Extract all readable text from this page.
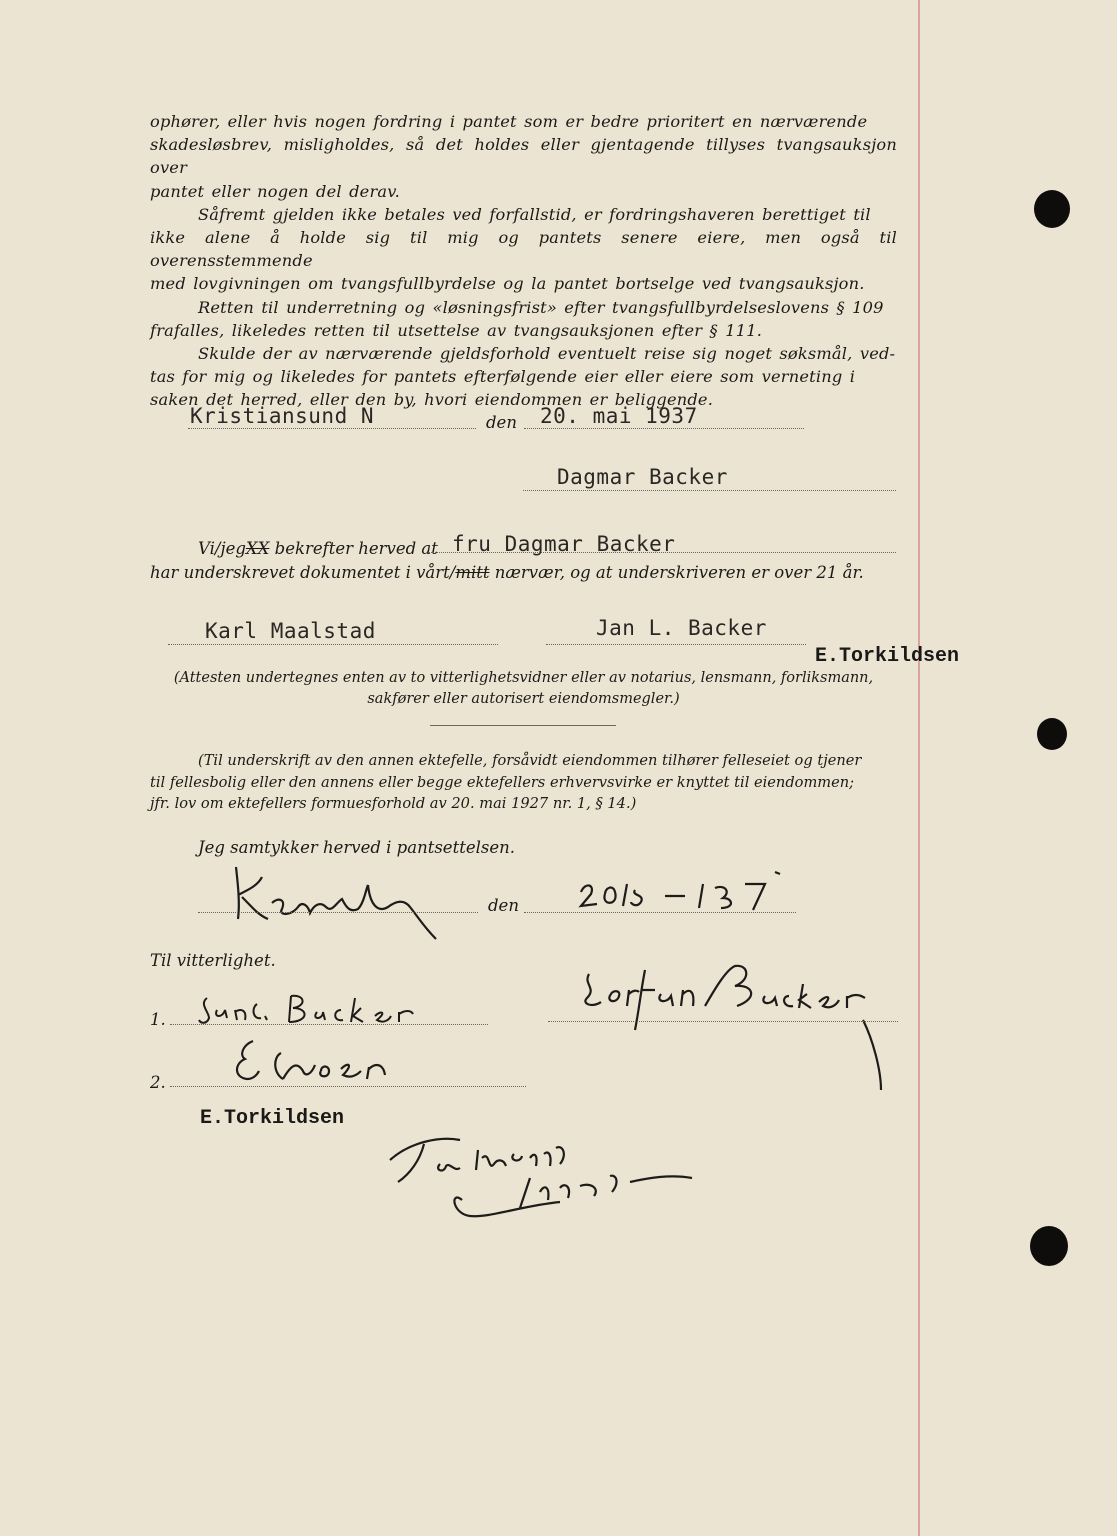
ophører, eller hvis nogen fordring i pantet som er bedre prioritert en nærværende
skadesløsbrev, misligholdes, så det holdes eller gjentagende tillyses tvangsauksjon over
pantet eller nogen del derav.
Såfremt gjelden ikke betales ved forfallstid, er fordringshaveren berettiget til
ikke alene å holde sig til mig og pantets senere eiere, men også til overensstemmende
med lovgivningen om tvangsfullbyrdelse og la pantet bortselge ved tvangsauksjon.
Retten til underretning og «løsningsfrist» efter tvangsfullbyrdelseslovens § 109
frafalles, likeledes retten til utsettelse av tvangsauksjonen efter § 111.
Skulde der av nærværende gjeldsforhold eventuelt reise sig noget søksmål, ved-
tas for mig og likeledes for pantets efterfølgende eier eller eiere som verneting i
saken det herred, eller den by, hvori eiendommen er beliggende.
Kristiansund N	den 20. mai 1937
Dagmar Backer
Vi/jegXX bekrefter herved at fru Dagmar Backer
har underskrevet dokumentet i vårt/mitt nærvær, og at underskriveren er over 21 år.
Karl Maalstad	Jan L. Backer
E.Torkildsen
(Attesten undertegnes enten av to vitterlighetsvidner eller av notarius, lensmann, forliksmann,
sakfører eller autorisert eiendomsmegler.)
(Til underskrift av den annen ektefelle, forsåvidt eiendommen tilhører felleseiet og tjener
til fellesbolig eller den annens eller begge ektefellers erhvervsvirke er knyttet til eiendommen;
jfr. lov om ektefellers formuesforhold av 20. mai 1927 nr. 1, § 14.)
Jeg samtykker herved i pantsettelsen.
den
Til vitterlighet.
1.
2.
E.Torkildsen
